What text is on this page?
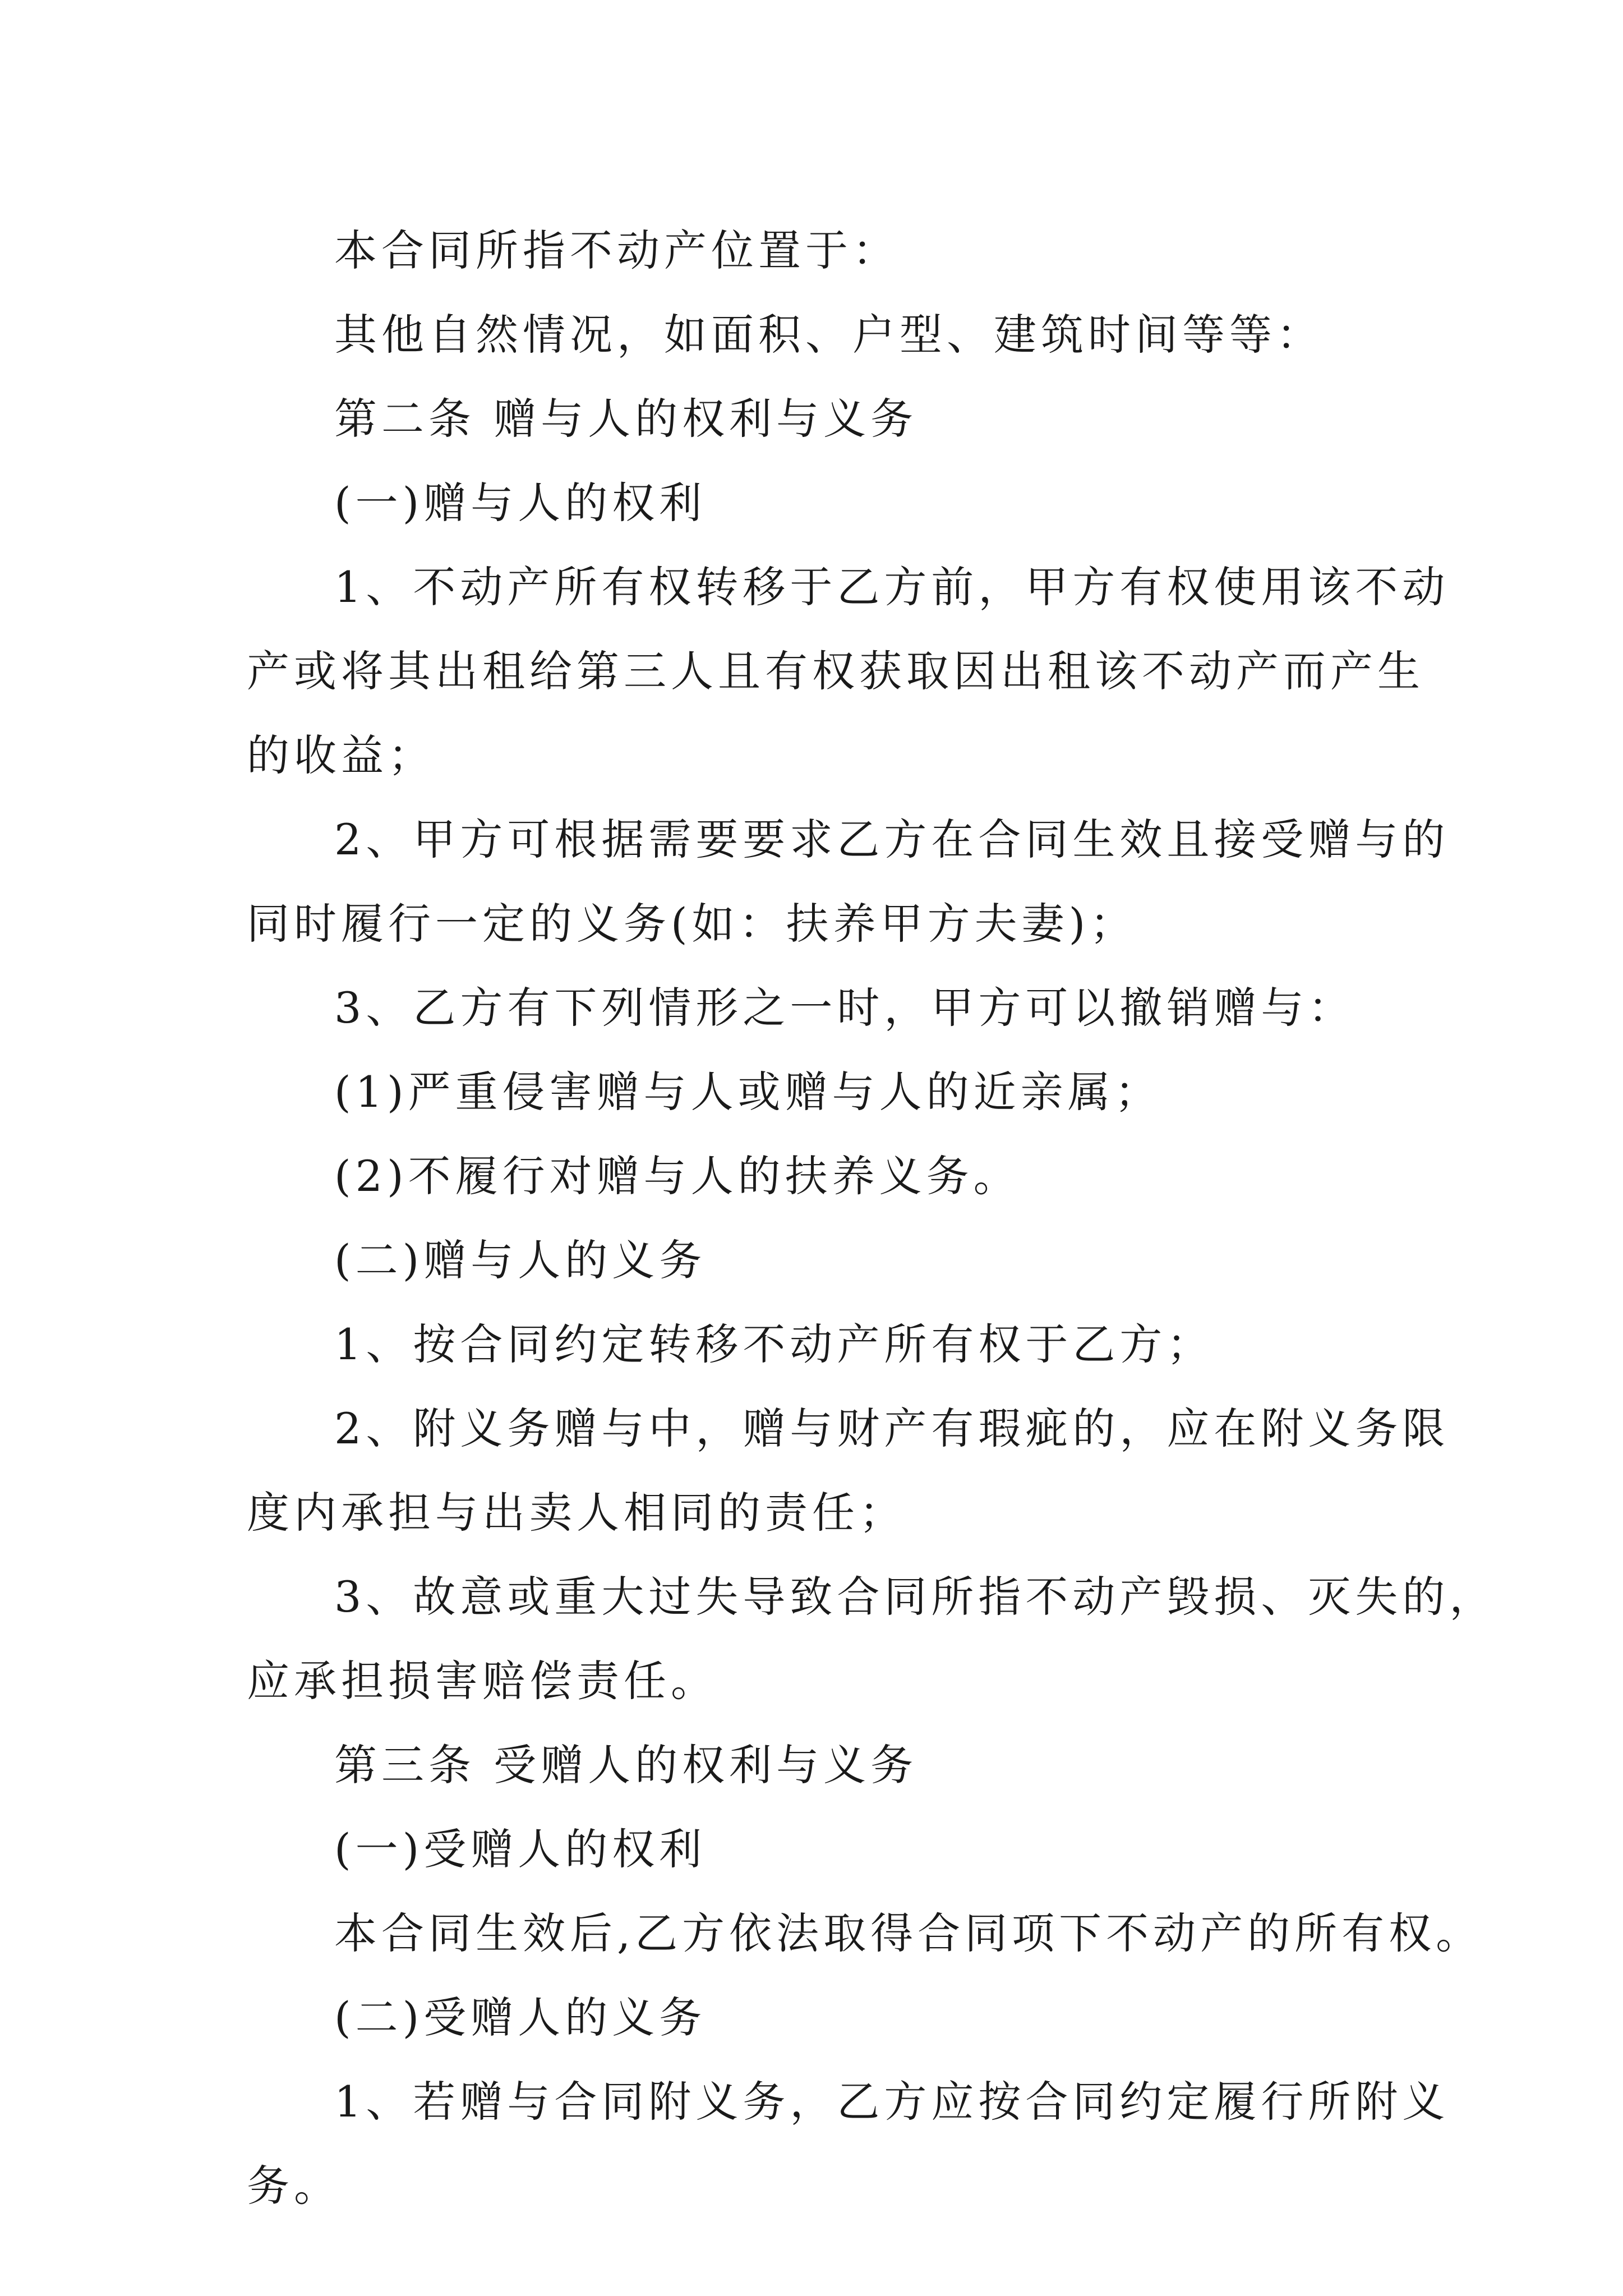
本合同所指不动产位置于：
其他自然情况，如面积、户型、建筑时间等等：
第二条 赠与人的权利与义务
(一)赠与人的权利
1、不动产所有权转移于乙方前，甲方有权使用该不动
产或将其出租给第三人且有权获取因出租该不动产而产生
的收益；
2、甲方可根据需要要求乙方在合同生效且接受赠与的
同时履行一定的义务(如：扶养甲方夫妻)；
3、乙方有下列情形之一时，甲方可以撤销赠与：
(1)严重侵害赠与人或赠与人的近亲属；
(2)不履行对赠与人的扶养义务。
(二)赠与人的义务
1、按合同约定转移不动产所有权于乙方；
2、附义务赠与中，赠与财产有瑕疵的，应在附义务限
度内承担与出卖人相同的责任；
3、故意或重大过失导致合同所指不动产毁损、灭失的，
应承担损害赔偿责任。
第三条 受赠人的权利与义务
(一)受赠人的权利
本合同生效后,乙方依法取得合同项下不动产的所有权。
(二)受赠人的义务
1、若赠与合同附义务，乙方应按合同约定履行所附义
务。
